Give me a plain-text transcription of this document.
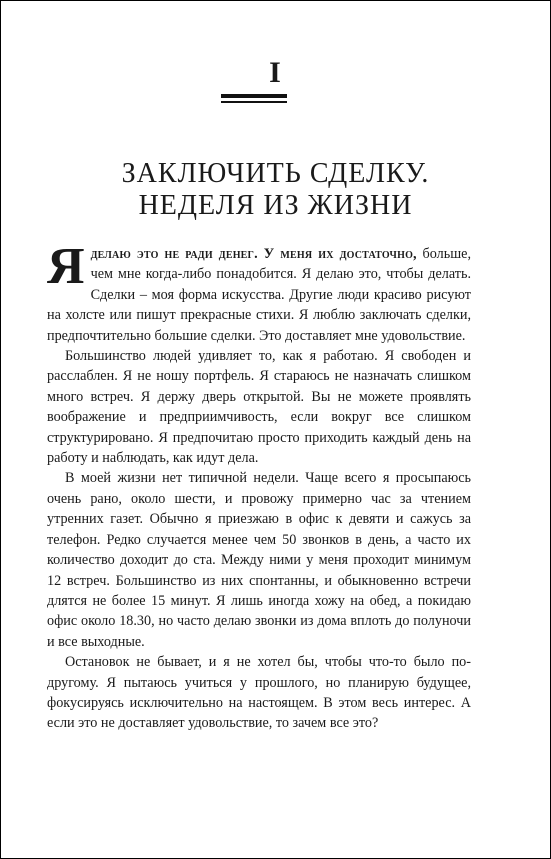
I
ЗАКЛЮЧИТЬ СДЕЛКУ.
НЕДЕЛЯ ИЗ ЖИЗНИ

Яделаю это не ради денег. У меня их достаточно, больше, чем мне когда-либо понадобится. Я делаю это, чтобы делать. Сделки – моя форма искусства. Другие люди красиво рисуют на холсте или пишут прекрасные стихи. Я люблю заключать сделки, предпочтительно большие сделки. Это доставляет мне удовольствие.

Большинство людей удивляет то, как я работаю. Я свободен и расслаблен. Я не ношу портфель. Я стараюсь не назначать слишком много встреч. Я держу дверь открытой. Вы не можете проявлять воображение и предприимчивость, если вокруг все слишком структурировано. Я предпочитаю просто приходить каждый день на работу и наблюдать, как идут дела.

В моей жизни нет типичной недели. Чаще всего я просыпаюсь очень рано, около шести, и провожу примерно час за чтением утренних газет. Обычно я приезжаю в офис к девяти и сажусь за телефон. Редко случается менее чем 50 звонков в день, а часто их количество доходит до ста. Между ними у меня проходит минимум 12 встреч. Большинство из них спонтанны, и обыкновенно встречи длятся не более 15 минут. Я лишь иногда хожу на обед, а покидаю офис около 18.30, но часто делаю звонки из дома вплоть до полуночи и все выходные.

Остановок не бывает, и я не хотел бы, чтобы что-то было по-другому. Я пытаюсь учиться у прошлого, но планирую будущее, фокусируясь исключительно на настоящем. В этом весь интерес. А если это не доставляет удовольствие, то зачем все это?
